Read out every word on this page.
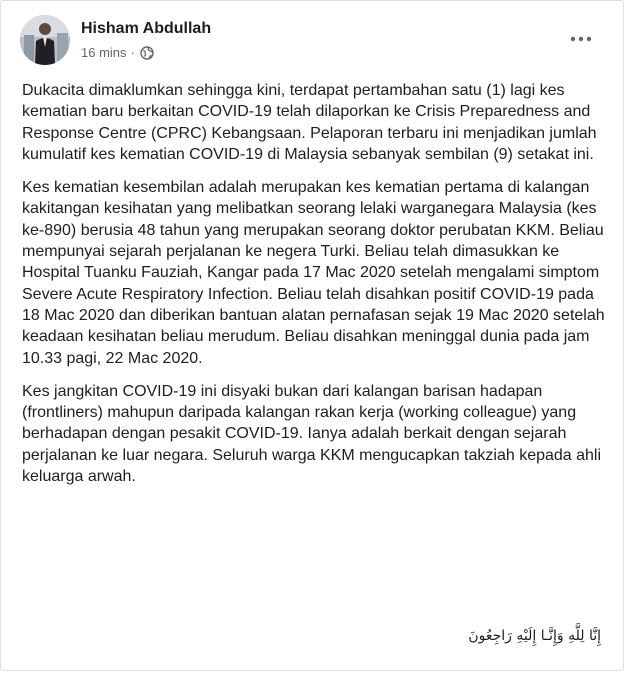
Hisham Abdullah
16 mins ·

Dukacita dimaklumkan sehingga kini, terdapat pertambahan satu (1) lagi kes kematian baru berkaitan COVID-19 telah dilaporkan ke Crisis Preparedness and Response Centre (CPRC) Kebangsaan. Pelaporan terbaru ini menjadikan jumlah kumulatif kes kematian COVID-19 di Malaysia sebanyak sembilan (9) setakat ini.

Kes kematian kesembilan adalah merupakan kes kematian pertama di kalangan kakitangan kesihatan yang melibatkan seorang lelaki warganegara Malaysia (kes ke-890) berusia 48 tahun yang merupakan seorang doktor perubatan KKM. Beliau mempunyai sejarah perjalanan ke negera Turki. Beliau telah dimasukkan ke Hospital Tuanku Fauziah, Kangar pada 17 Mac 2020 setelah mengalami simptom Severe Acute Respiratory Infection. Beliau telah disahkan positif COVID-19 pada 18 Mac 2020 dan diberikan bantuan alatan pernafasan sejak 19 Mac 2020 setelah keadaan kesihatan beliau merudum. Beliau disahkan meninggal dunia pada jam 10.33 pagi, 22 Mac 2020.

Kes jangkitan COVID-19 ini disyaki bukan dari kalangan barisan hadapan (frontliners) mahupun daripada kalangan rakan kerja (working colleague) yang berhadapan dengan pesakit COVID-19. Ianya adalah berkait dengan sejarah perjalanan ke luar negara. Seluruh warga KKM mengucapkan takziah kepada ahli keluarga arwah.

إِنَّا لِلَّهِ وَإِنَّـا إِلَيْهِ رَاجِعُونَ
